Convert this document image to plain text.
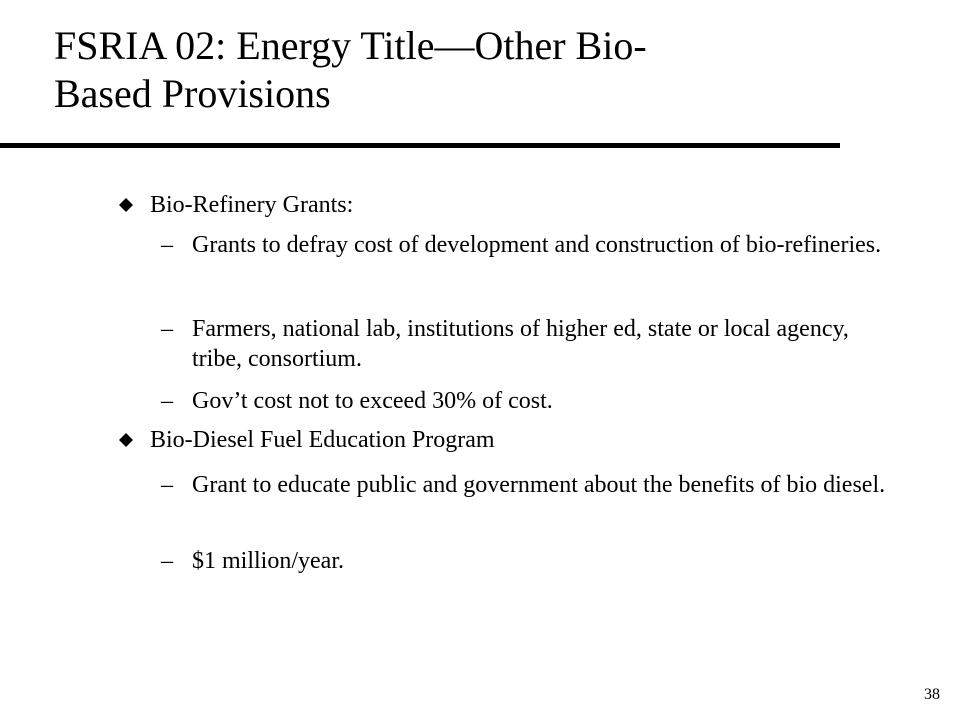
FSRIA 02: Energy Title—Other Bio-
Based Provisions
Bio-Refinery Grants:
– Grants to defray cost of development and construction of bio-refineries.
– Farmers, national lab, institutions of higher ed, state or local agency, tribe, consortium.
– Gov’t cost not to exceed 30% of cost.
Bio-Diesel Fuel Education Program
– Grant to educate public and government about the benefits of bio diesel.
– $1 million/year.
38
